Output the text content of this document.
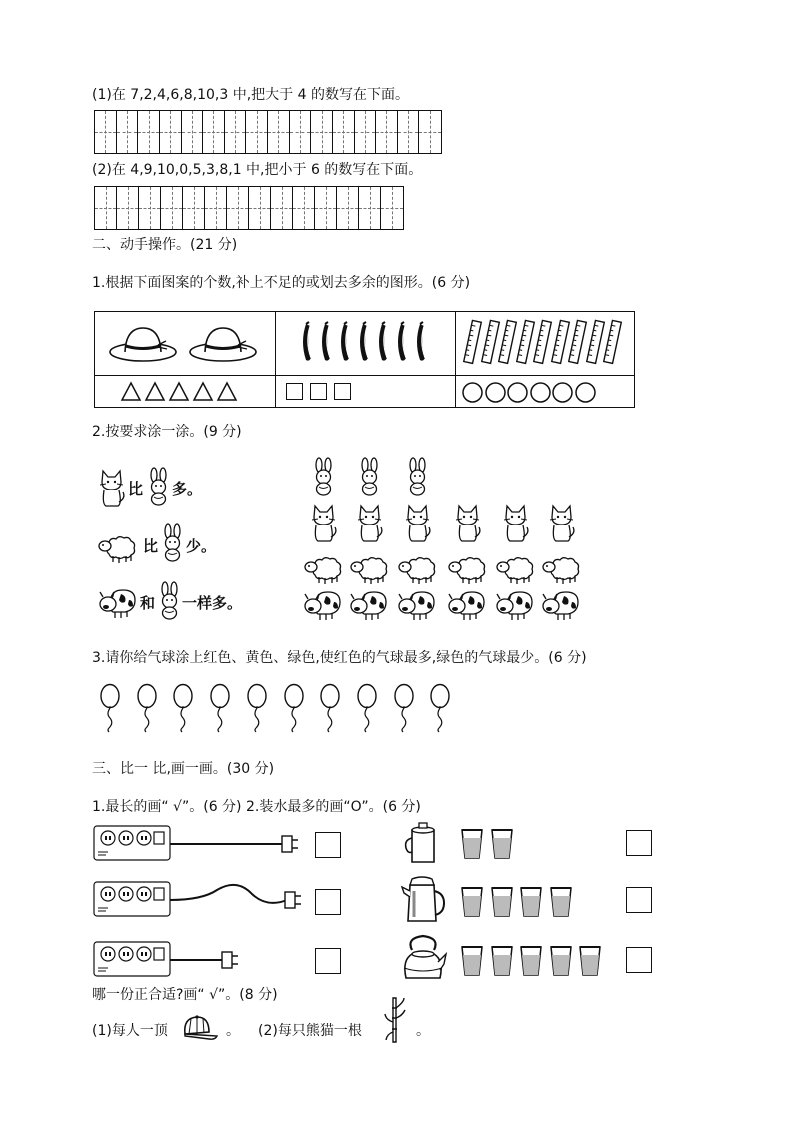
(1)在 7,2,4,6,8,10,3 中,把大于 4 的数写在下面。
(2)在 4,9,10,0,5,3,8,1 中,把小于 6 的数写在下面。
二、动手操作。(21 分)
1.根据下面图案的个数,补上不足的或划去多余的图形。(6 分)
2.按要求涂一涂。(9 分)
比 多。
比 少。
和 一样多。
3.请你给气球涂上红色、黄色、绿色,使红色的气球最多,绿色的气球最少。(6 分)
三、比一 比,画一画。(30 分)
1.最长的画“ √”。(6 分) 2.装水最多的画“O”。(6 分)
哪一份正合适?画“ √”。(8 分)
(1)每人一顶	。 (2)每只熊猫一根	。
